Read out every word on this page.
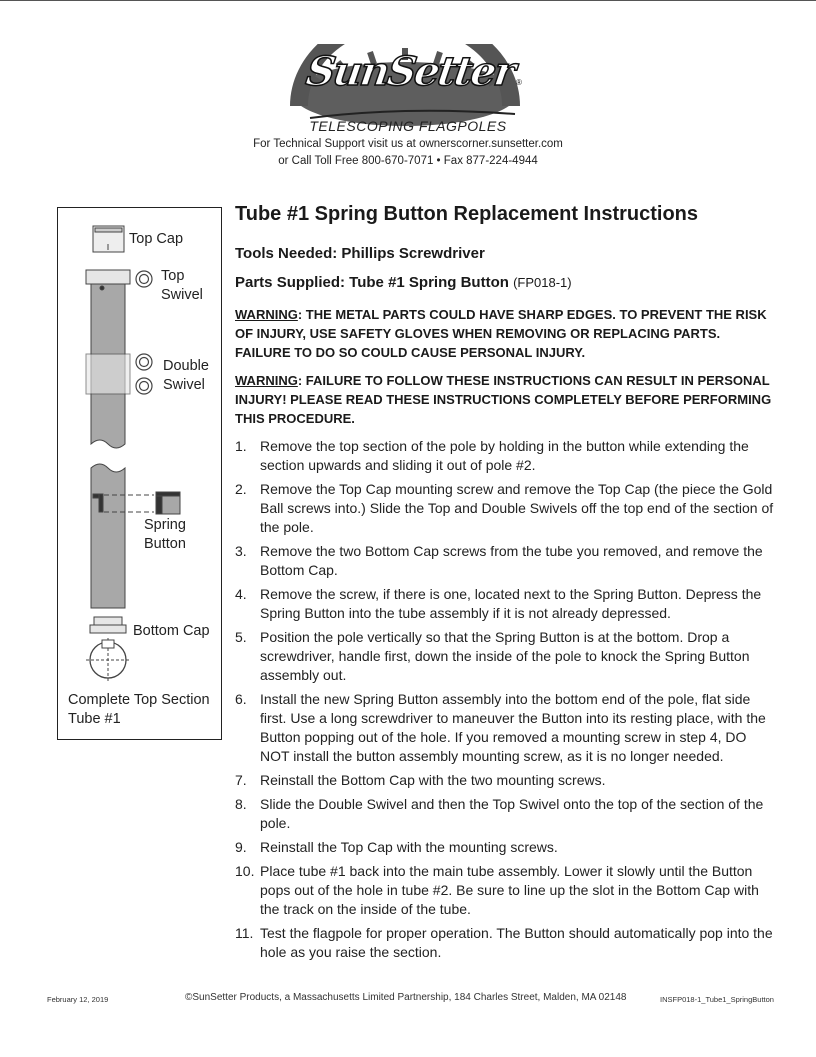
SunSetter ®
TELESCOPING FLAGPOLES
For Technical Support visit us at ownerscorner.sunsetter.com
or Call Toll Free 800-670-7071 • Fax 877-224-4944
Top Cap
Top
Swivel
Double
Swivel
Spring
Button
Bottom Cap
Complete Top Section Tube #1
Tube #1 Spring Button Replacement Instructions
Tools Needed: Phillips Screwdriver
Parts Supplied: Tube #1 Spring Button (FP018-1)
WARNING: THE METAL PARTS COULD HAVE SHARP EDGES. TO PREVENT THE RISK OF INJURY, USE SAFETY GLOVES WHEN REMOVING OR REPLACING PARTS. FAILURE TO DO SO COULD CAUSE PERSONAL INJURY.
WARNING: FAILURE TO FOLLOW THESE INSTRUCTIONS CAN RESULT IN PERSONAL INJURY! PLEASE READ THESE INSTRUCTIONS COMPLETELY BEFORE PERFORMING THIS PROCEDURE.
1. Remove the top section of the pole by holding in the button while extending the section upwards and sliding it out of pole #2.
2. Remove the Top Cap mounting screw and remove the Top Cap (the piece the Gold Ball screws into.) Slide the Top and Double Swivels off the top end of the section of the pole.
3. Remove the two Bottom Cap screws from the tube you removed, and remove the Bottom Cap.
4. Remove the screw, if there is one, located next to the Spring Button. Depress the Spring Button into the tube assembly if it is not already depressed.
5. Position the pole vertically so that the Spring Button is at the bottom. Drop a screwdriver, handle first, down the inside of the pole to knock the Spring Button assembly out.
6. Install the new Spring Button assembly into the bottom end of the pole, flat side first. Use a long screwdriver to maneuver the Button into its resting place, with the Button popping out of the hole. If you removed a mounting screw in step 4, DO NOT install the button assembly mounting screw, as it is no longer needed.
7. Reinstall the Bottom Cap with the two mounting screws.
8. Slide the Double Swivel and then the Top Swivel onto the top of the section of the pole.
9. Reinstall the Top Cap with the mounting screws.
10. Place tube #1 back into the main tube assembly. Lower it slowly until the Button pops out of the hole in tube #2. Be sure to line up the slot in the Bottom Cap with the track on the inside of the tube.
11. Test the flagpole for proper operation. The Button should automatically pop into the hole as you raise the section.
February 12, 2019	©SunSetter Products, a Massachusetts Limited Partnership, 184 Charles Street, Malden, MA 02148	INSFP018-1_Tube1_SpringButton
